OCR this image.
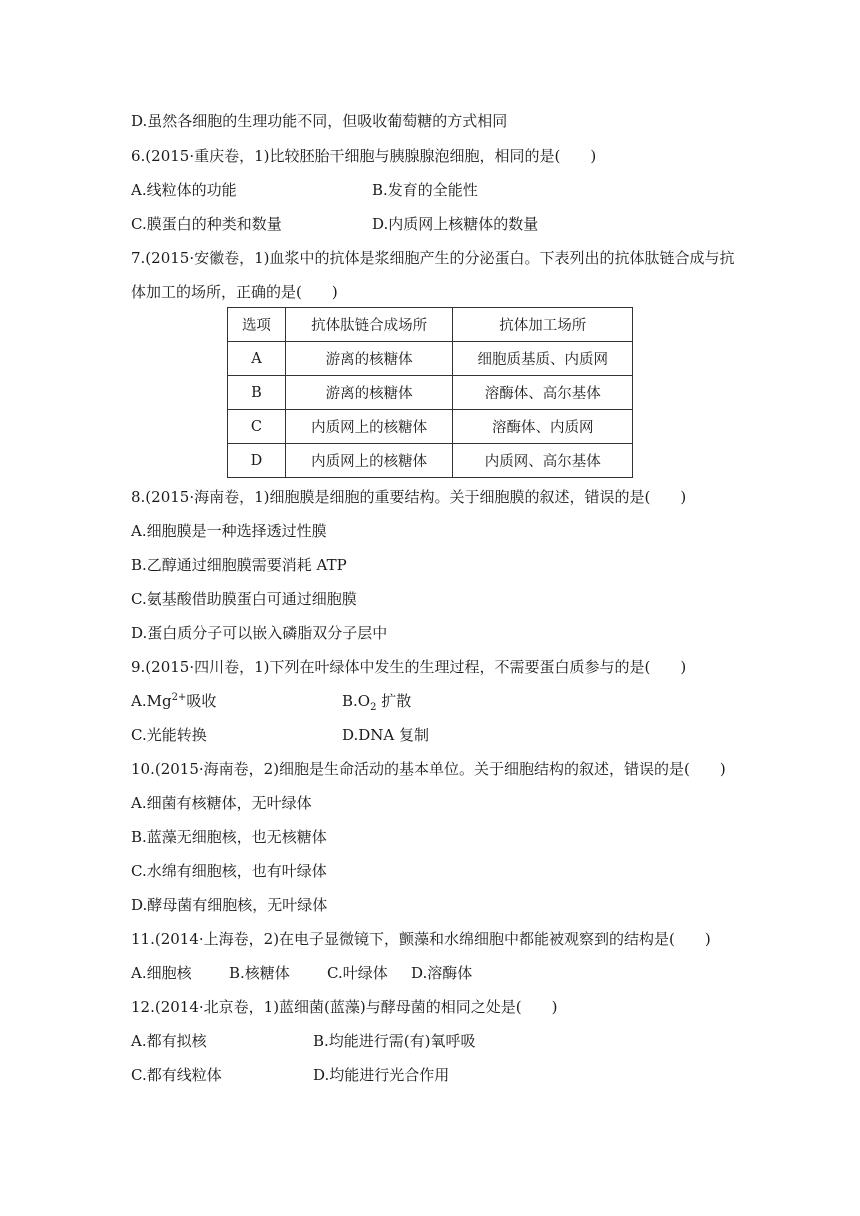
D.虽然各细胞的生理功能不同，但吸收葡萄糖的方式相同
6.(2015·重庆卷，1)比较胚胎干细胞与胰腺腺泡细胞，相同的是(　　)
A.线粒体的功能	B.发育的全能性
C.膜蛋白的种类和数量	D.内质网上核糖体的数量
7.(2015·安徽卷，1)血浆中的抗体是浆细胞产生的分泌蛋白。下表列出的抗体肽链合成与抗
体加工的场所，正确的是(　　)
选项	抗体肽链合成场所	抗体加工场所
A	游离的核糖体	细胞质基质、内质网
B	游离的核糖体	溶酶体、高尔基体
C	内质网上的核糖体	溶酶体、内质网
D	内质网上的核糖体	内质网、高尔基体
8.(2015·海南卷，1)细胞膜是细胞的重要结构。关于细胞膜的叙述，错误的是(　　)
A.细胞膜是一种选择透过性膜
B.乙醇通过细胞膜需要消耗 ATP
C.氨基酸借助膜蛋白可通过细胞膜
D.蛋白质分子可以嵌入磷脂双分子层中
9.(2015·四川卷，1)下列在叶绿体中发生的生理过程，不需要蛋白质参与的是(　　)
$A.Mg^{2+}$吸收	$B.O_2$ 扩散
C.光能转换	D.DNA 复制
10.(2015·海南卷，2)细胞是生命活动的基本单位。关于细胞结构的叙述，错误的是(　　)
A.细菌有核糖体，无叶绿体
B.蓝藻无细胞核，也无核糖体
C.水绵有细胞核，也有叶绿体
D.酵母菌有细胞核，无叶绿体
11.(2014·上海卷，2)在电子显微镜下，颤藻和水绵细胞中都能被观察到的结构是(　　)
A.细胞核 B.核糖体 C.叶绿体 D.溶酶体
12.(2014·北京卷，1)蓝细菌(蓝藻)与酵母菌的相同之处是(　　)
A.都有拟核	B.均能进行需(有)氧呼吸
C.都有线粒体	D.均能进行光合作用
